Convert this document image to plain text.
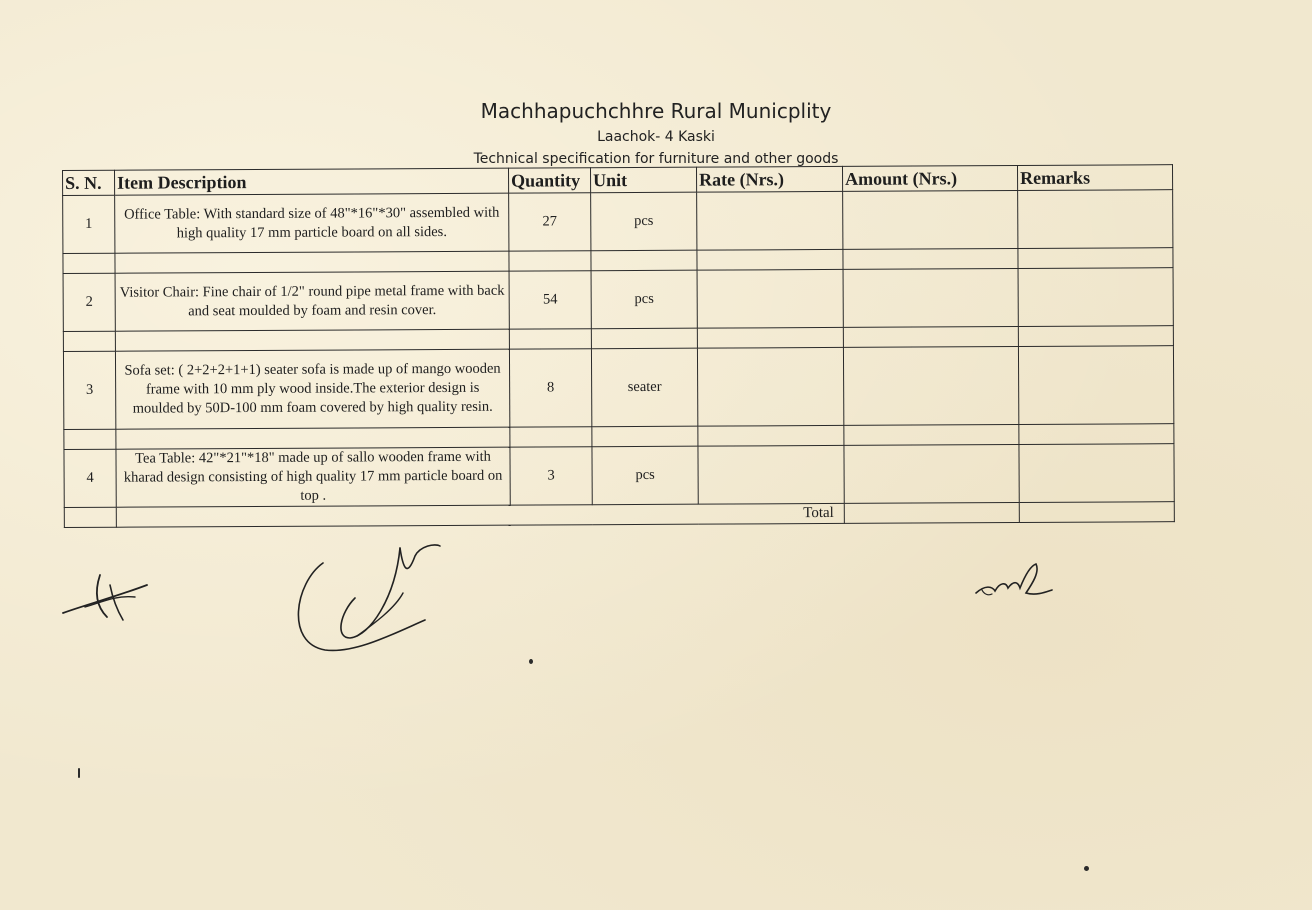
Machhapuchchhre Rural Municplity
Laachok- 4 Kaski
Technical specification for furniture and other goods
S. N.	Item Description	Quantity	Unit	Rate (Nrs.)	Amount (Nrs.)	Remarks
1	Office Table: With standard size of 48"*16"*30" assembled with high quality 17 mm particle board on all sides.	27	pcs			

2	Visitor Chair: Fine chair of 1/2" round pipe metal frame with back and seat moulded by foam and resin cover.	54	pcs			

3	Sofa set: ( 2+2+2+1+1) seater sofa is made up of mango wooden frame with 10 mm ply wood inside.The exterior design is moulded by 50D-100 mm foam covered by high quality resin.	8	seater			

4	Tea Table: 42"*21"*18" made up of sallo wooden frame with kharad design consisting of high quality 17 mm particle board on top .	3	pcs			
	Total					
